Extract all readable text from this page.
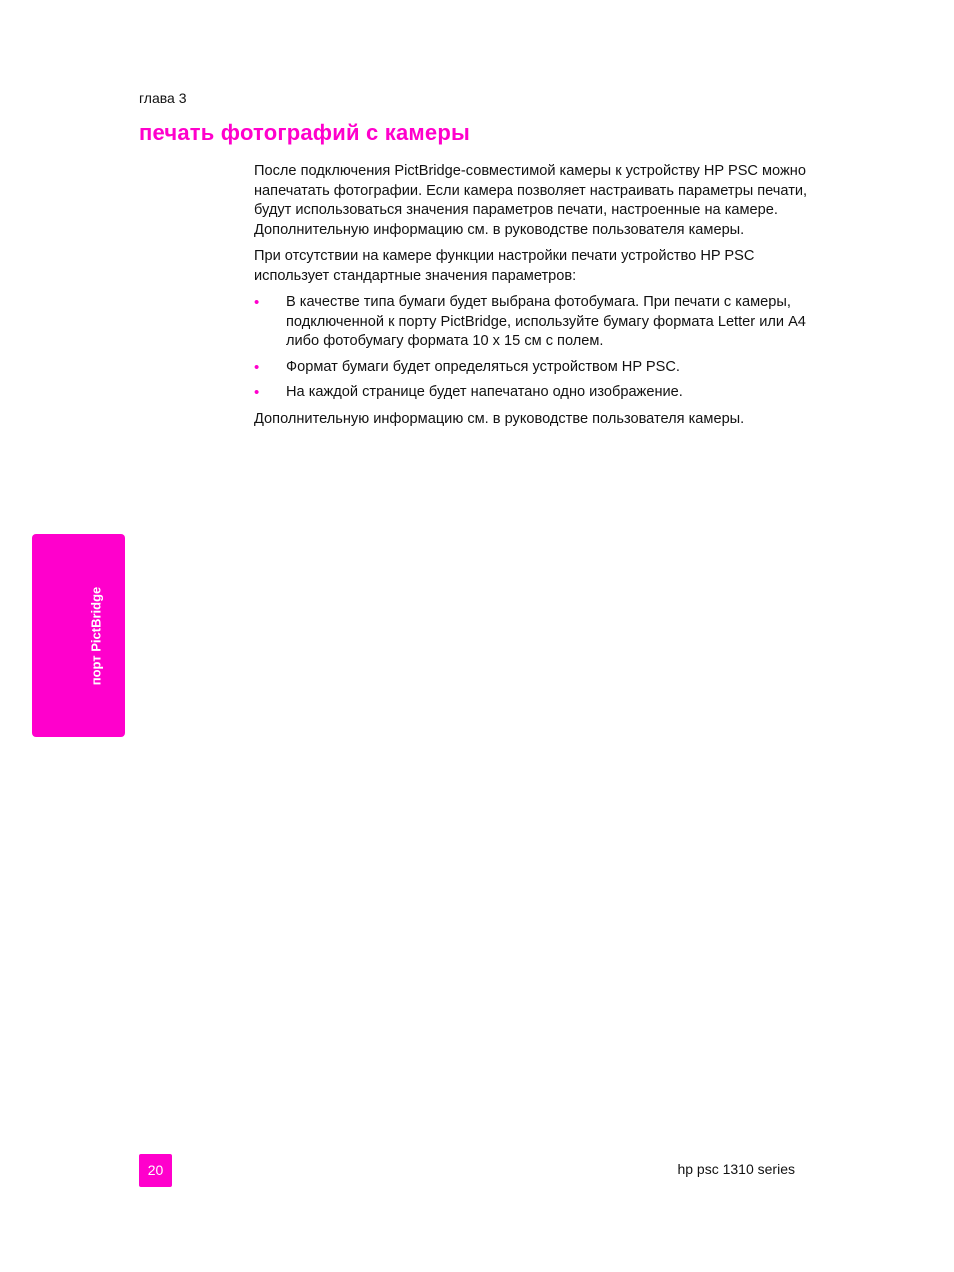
глава 3
печать фотографий с камеры

После подключения PictBridge-совместимой камеры к устройству HP PSC можно напечатать фотографии. Если камера позволяет настраивать параметры печати, будут использоваться значения параметров печати, настроенные на камере. Дополнительную информацию см. в руководстве пользователя камеры.

При отсутствии на камере функции настройки печати устройство HP PSC использует стандартные значения параметров:

• В качестве типа бумаги будет выбрана фотобумага. При печати с камеры, подключенной к порту PictBridge, используйте бумагу формата Letter или A4 либо фотобумагу формата 10 x 15 см с полем.
• Формат бумаги будет определяться устройством HP PSC.
• На каждой странице будет напечатано одно изображение.

Дополнительную информацию см. в руководстве пользователя камеры.

порт PictBridge
20	hp psc 1310 series
